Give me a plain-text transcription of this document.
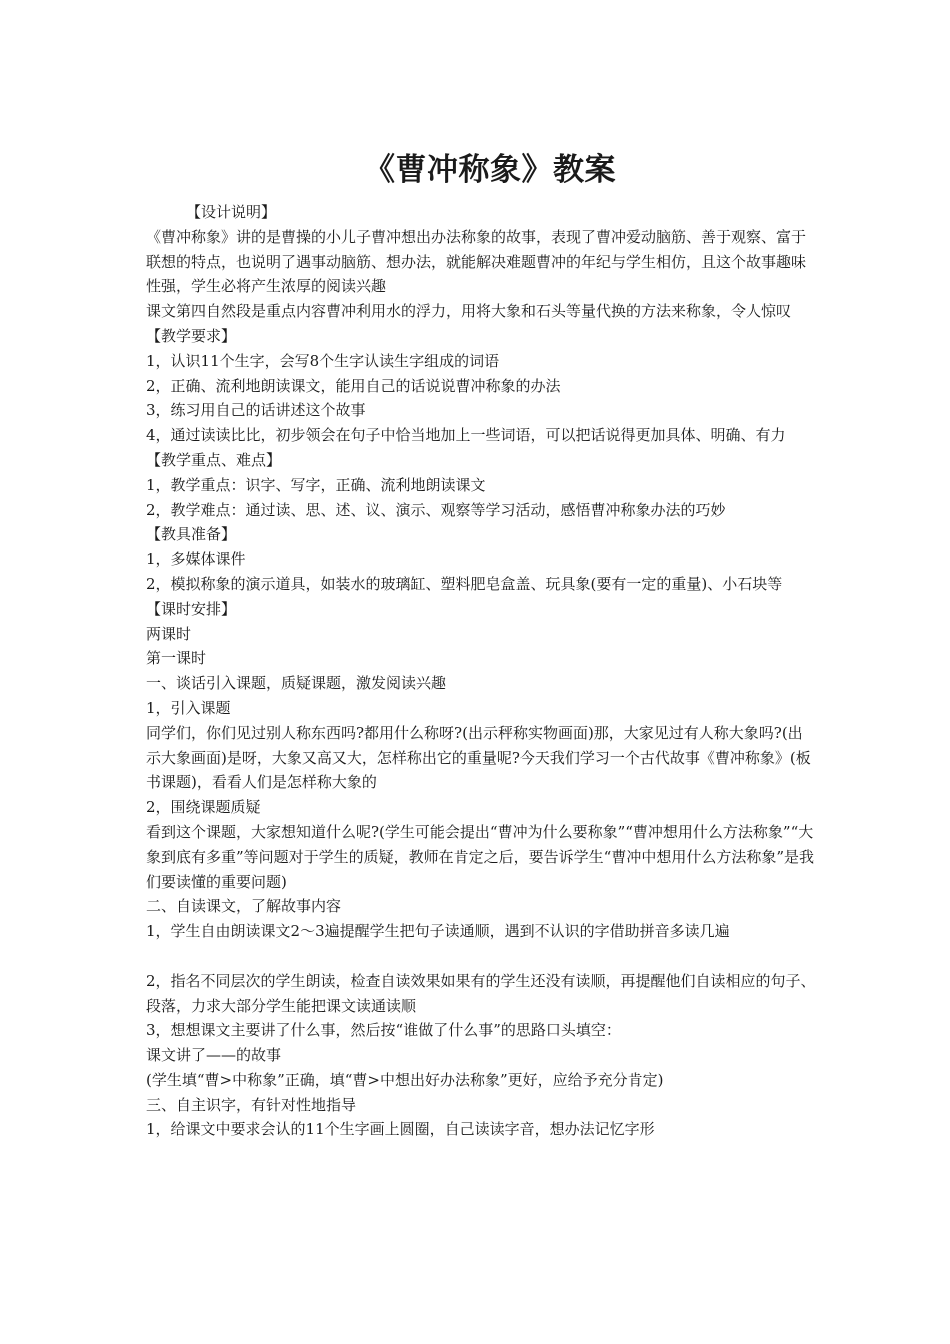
《曹冲称象》教案

【设计说明】

《曹冲称象》讲的是曹操的小儿子曹冲想出办法称象的故事，表现了曹冲爱动脑筋、善于观察、富于联想的特点，也说明了遇事动脑筋、想办法，就能解决难题曹冲的年纪与学生相仿，且这个故事趣味性强，学生必将产生浓厚的阅读兴趣

课文第四自然段是重点内容曹冲利用水的浮力，用将大象和石头等量代换的方法来称象，令人惊叹

【教学要求】

1，认识11个生字，会写8个生字认读生字组成的词语

2，正确、流利地朗读课文，能用自己的话说说曹冲称象的办法

3，练习用自己的话讲述这个故事

4，通过读读比比，初步领会在句子中恰当地加上一些词语，可以把话说得更加具体、明确、有力

【教学重点、难点】

1，教学重点：识字、写字，正确、流利地朗读课文

2，教学难点：通过读、思、述、议、演示、观察等学习活动，感悟曹冲称象办法的巧妙

【教具准备】

1，多媒体课件

2，模拟称象的演示道具，如装水的玻璃缸、塑料肥皂盒盖、玩具象(要有一定的重量)、小石块等

【课时安排】

两课时

第一课时

一、谈话引入课题，质疑课题，激发阅读兴趣

1，引入课题

同学们，你们见过别人称东西吗?都用什么称呀?(出示秤称实物画面)那，大家见过有人称大象吗?(出示大象画面)是呀，大象又高又大，怎样称出它的重量呢?今天我们学习一个古代故事《曹冲称象》(板书课题)，看看人们是怎样称大象的

2，围绕课题质疑

看到这个课题，大家想知道什么呢?(学生可能会提出“曹冲为什么要称象”“曹冲想用什么方法称象”“大象到底有多重”等问题对于学生的质疑，教师在肯定之后，要告诉学生“曹冲中想用什么方法称象”是我们要读懂的重要问题)

二、自读课文，了解故事内容

1，学生自由朗读课文2～3遍提醒学生把句子读通顺，遇到不认识的字借助拼音多读几遍

2，指名不同层次的学生朗读，检查自读效果如果有的学生还没有读顺，再提醒他们自读相应的句子、段落，力求大部分学生能把课文读通读顺

3，想想课文主要讲了什么事，然后按“谁做了什么事”的思路口头填空：

课文讲了——的故事

(学生填“曹>中称象”正确，填“曹>中想出好办法称象”更好，应给予充分肯定)

三、自主识字，有针对性地指导

1，给课文中要求会认的11个生字画上圆圈，自己读读字音，想办法记忆字形
